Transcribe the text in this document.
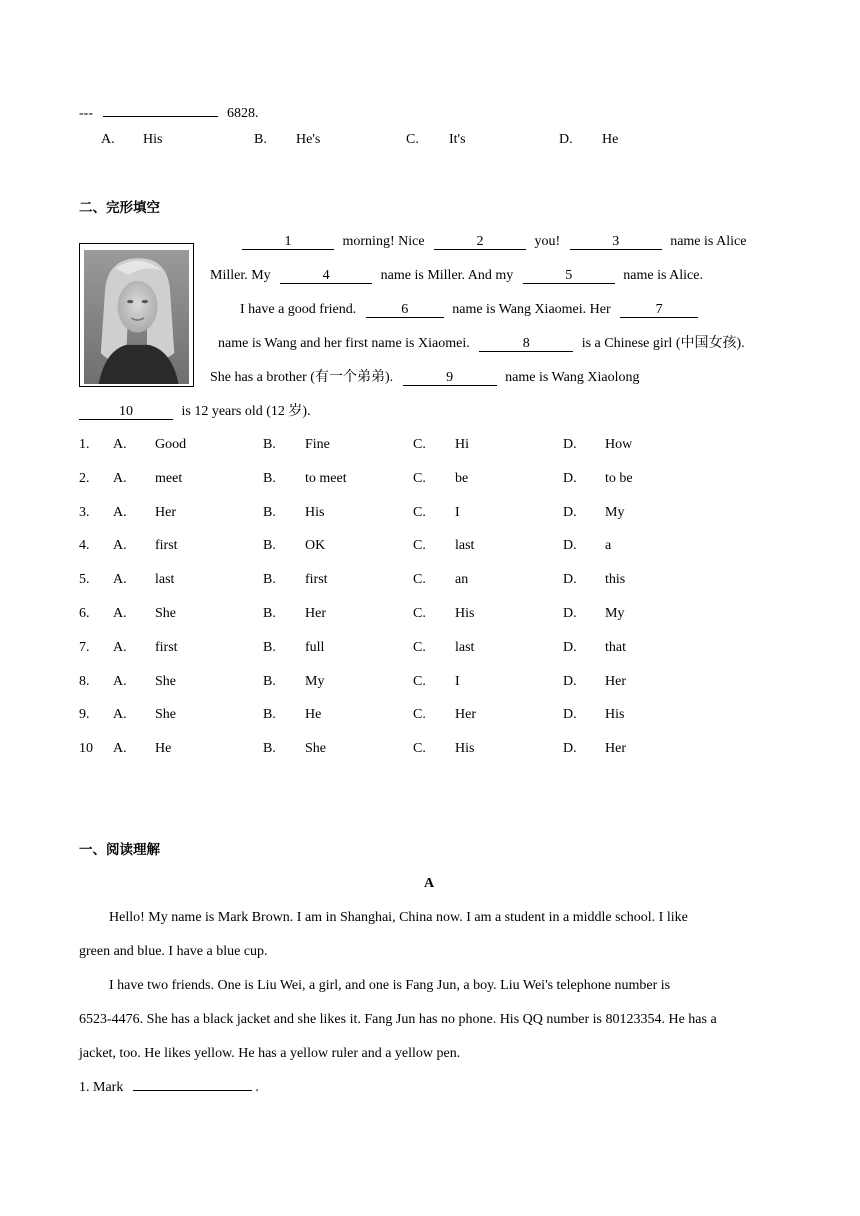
---	6828.
A. His	B. He's	C. It's	D. He
二、完形填空
1	morning! Nice	2	you!	3	name is Alice
Miller. My	4	name is Miller. And my	5	name is Alice.
I have a good friend.	6	name is Wang Xiaomei. Her	7
name is Wang and her first name is Xiaomei.	8	is a Chinese girl (中国女孩).
She has a brother (有一个弟弟).	9	name is Wang Xiaolong
10	is 12 years old (12 岁).
1. A. Good	B. Fine	C. Hi	D. How
2. A. meet	B. to meet	C. be	D. to be
3. A. Her	B. His	C. I	D. My
4. A. first	B. OK	C. last	D. a
5. A. last	B. first	C. an	D. this
6. A. She	B. Her	C. His	D. My
7. A. first	B. full	C. last	D. that
8. A. She	B. My	C. I	D. Her
9. A. She	B. He	C. Her	D. His
10 A. He	B. She	C. His	D. Her
一、阅读理解
A
Hello! My name is Mark Brown. I am in Shanghai, China now. I am a student in a middle school. I like
green and blue. I have a blue cup.
I have two friends. One is Liu Wei, a girl, and one is Fang Jun, a boy. Liu Wei's telephone number is
6523-4476. She has a black jacket and she likes it. Fang Jun has no phone. His QQ number is 80123354. He has a
jacket, too. He likes yellow. He has a yellow ruler and a yellow pen.
1. Mark	.
